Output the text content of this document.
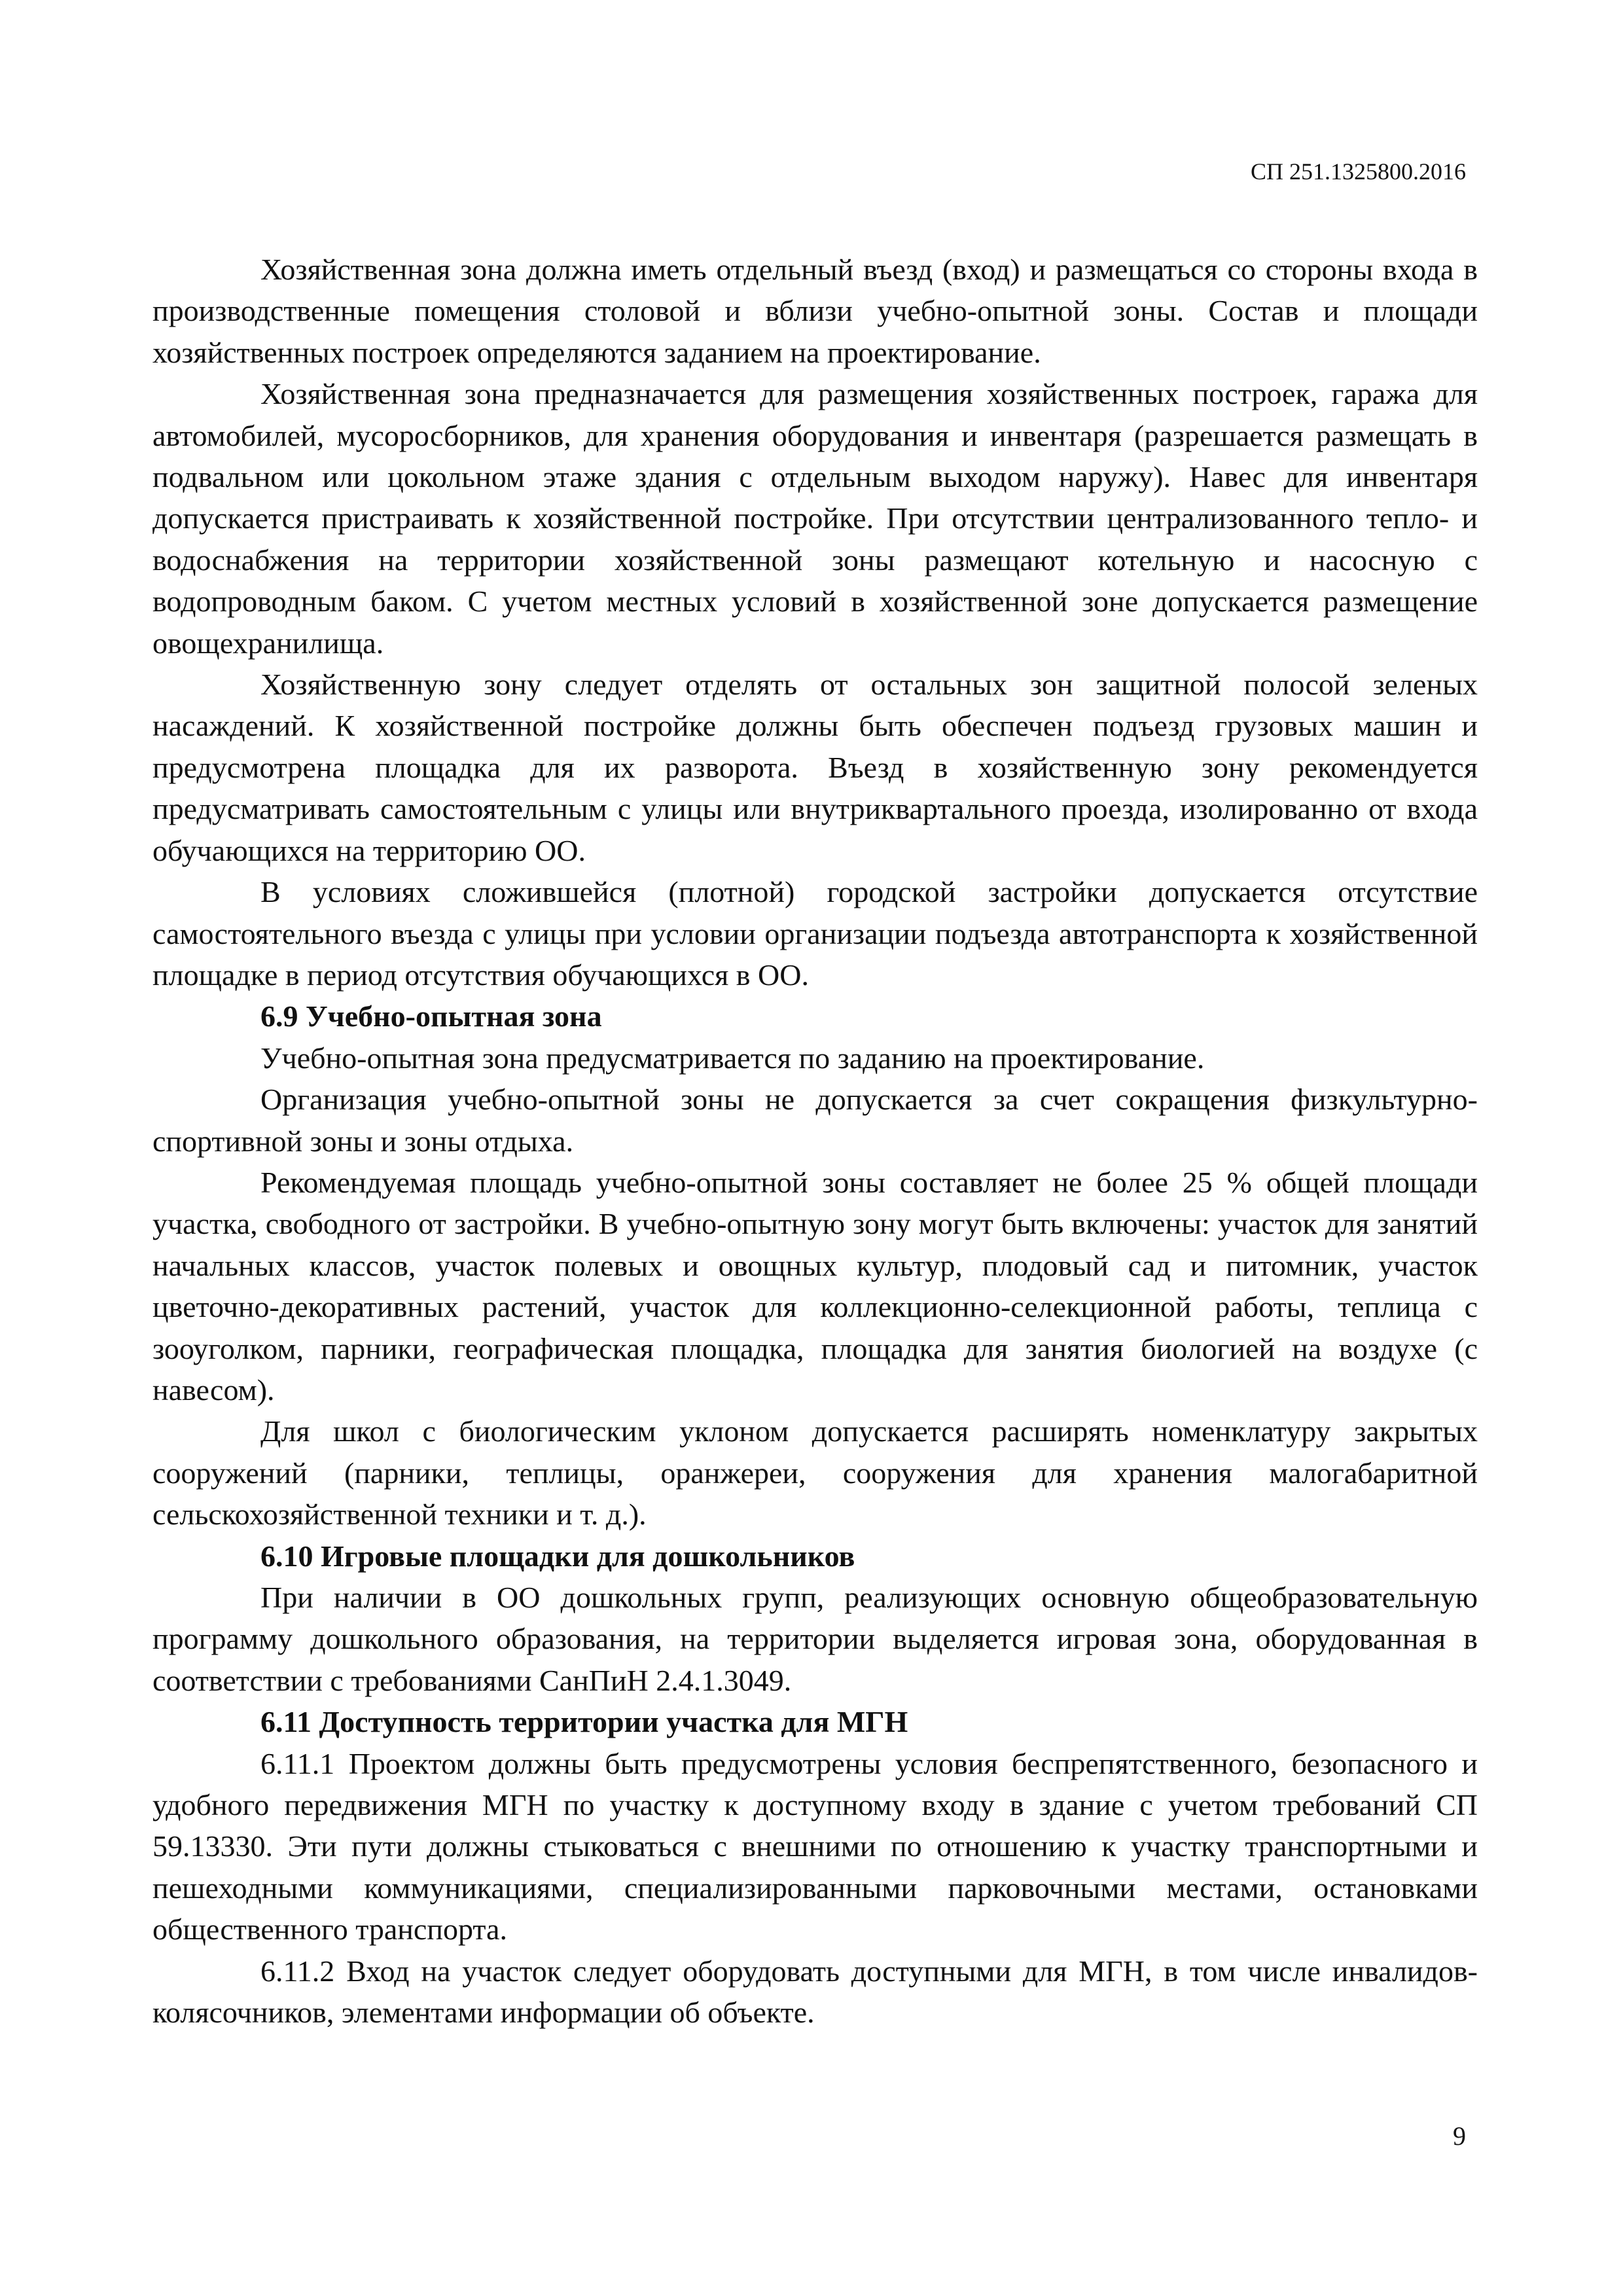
СП 251.1325800.2016

Хозяйственная зона должна иметь отдельный въезд (вход) и размещаться со стороны входа в производственные помещения столовой и вблизи учебно-опытной зоны. Состав и площади хозяйственных построек определяются заданием на проектирование.

Хозяйственная зона предназначается для размещения хозяйственных построек, гаража для автомобилей, мусоросборников, для хранения оборудования и инвентаря (разрешается размещать в подвальном или цокольном этаже здания с отдельным выходом наружу). Навес для инвентаря допускается пристраивать к хозяйственной постройке. При отсутствии централизованного тепло- и водоснабжения на территории хозяйственной зоны размещают котельную и насосную с водопроводным баком. С учетом местных условий в хозяйственной зоне допускается размещение овощехранилища.

Хозяйственную зону следует отделять от остальных зон защитной полосой зеленых насаждений. К хозяйственной постройке должны быть обеспечен подъезд грузовых машин и предусмотрена площадка для их разворота. Въезд в хозяйственную зону рекомендуется предусматривать самостоятельным с улицы или внутриквартального проезда, изолированно от входа обучающихся на территорию ОО.

В условиях сложившейся (плотной) городской застройки допускается отсутствие самостоятельного въезда с улицы при условии организации подъезда автотранспорта к хозяйственной площадке в период отсутствия обучающихся в ОО.

6.9 Учебно-опытная зона

Учебно-опытная зона предусматривается по заданию на проектирование.

Организация учебно-опытной зоны не допускается за счет сокращения физкультурно-спортивной зоны и зоны отдыха.

Рекомендуемая площадь учебно-опытной зоны составляет не более 25 % общей площади участка, свободного от застройки. В учебно-опытную зону могут быть включены: участок для занятий начальных классов, участок полевых и овощных культур, плодовый сад и питомник, участок цветочно-декоративных растений, участок для коллекционно-селекционной работы, теплица с зооуголком, парники, географическая площадка, площадка для занятия биологией на воздухе (с навесом).

Для школ с биологическим уклоном допускается расширять номенклатуру закрытых сооружений (парники, теплицы, оранжереи, сооружения для хранения малогабаритной сельскохозяйственной техники и т. д.).

6.10 Игровые площадки для дошкольников

При наличии в ОО дошкольных групп, реализующих основную общеобразовательную программу дошкольного образования, на территории выделяется игровая зона, оборудованная в соответствии с требованиями СанПиН 2.4.1.3049.

6.11 Доступность территории участка для МГН

6.11.1 Проектом должны быть предусмотрены условия беспрепятственного, безопасного и удобного передвижения МГН по участку к доступному входу в здание с учетом требований СП 59.13330. Эти пути должны стыковаться с внешними по отношению к участку транспортными и пешеходными коммуникациями, специализированными парковочными местами, остановками общественного транспорта.

6.11.2 Вход на участок следует оборудовать доступными для МГН, в том числе инвалидов-колясочников, элементами информации об объекте.

9
